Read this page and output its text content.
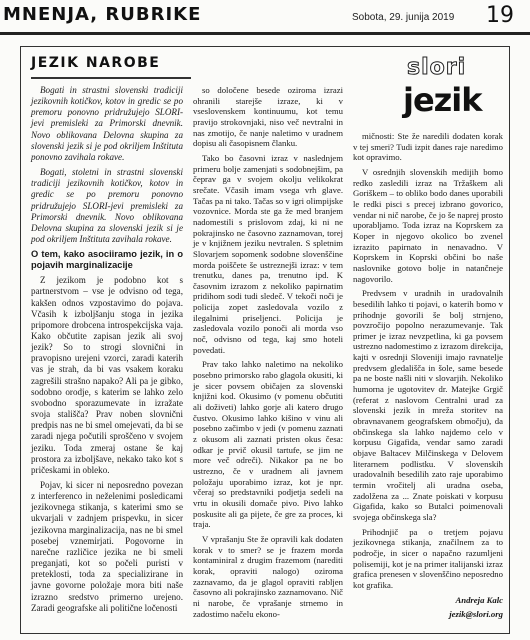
MNENJA, RUBRIKE	Sobota, 29. junija 2019 19
JEZIK NAROBE	slori
jezik

Bogati in strastni slovenski tradiciji jezikovnih kotičkov, kotov in gredic se po premoru ponovno pridružujejo SLORI-jevi premisleki za Primorski dnevnik. Novo oblikovana Delovna skupina za slovenski jezik si je pod okriljem Inštituta ponovno zavihala rokave.

Bogati, stoletni in strastni slovenski tradiciji jezikovnih kotičkov, kotov in gredic se po premoru ponovno pridružujejo SLORI-jevi premisleki za Primorski dnevnik. Novo oblikovana Delovna skupina za slovenski jezik si je pod okriljem Inštituta zavihala rokave.

O tem, kako asociiramo jezik, in o pojavih marginalizacije

Z jezikom je podobno kot s partnerstvom – vse je odvisno od tega, kakšen odnos vzpostavimo do pojava. Včasih k izboljšanju stoga in jezika pripomore drobcena introspekcijska vaja. Kako občutite zapisan jezik ali svoj jezik? So to strogi slovnični in pravopisno urejeni vzorci, zaradi katerih vas je strah, da bi vas vsakem koraku zagrešili strašno napako? Ali pa je gibko, sodobno orodje, s katerim se lahko zelo svobodno sporazumevate in izražate svoja stališča? Prav noben slovnični predpis nas ne bi smel omejevati, da bi se zaradi njega počutili sproščeno v svojem jeziku. Toda zmeraj ostane še kaj prostora za izboljšave, nekako tako kot s pričeskami in obleko.

Pojav, ki sicer ni neposredno povezan z interferenco in neželenimi posledicami jezikovnega stikanja, s katerimi smo se ukvarjali v zadnjem prispevku, in sicer jezikovna marginalizacija, nas ne bi smel posebej vznemirjati. Pogovorne in narečne različice jezika ne bi smeli preganjati, kot so počeli puristi v preteklosti, toda za specializirane in javne govorne položaje mora biti naše izrazno sredstvo primerno urejeno. Zaradi geografske ali politične ločenosti

so določene besede oziroma izrazi ohranili starejše izraze, ki v vseslovenskem kontinuumu, kot temu pravijo strokovnjaki, niso več nevtralni in nas zmotijo, če nanje naletimo v uradnem dopisu ali časopisnem članku.

Tako bo časovni izraz v naslednjem primeru bolje zamenjati s sodobnejšim, pa čeprav ga v svojem okolju velikokrat srečate. Včasih imam vsega vrh glave. Tačas pa ni tako. Tačas so v igri olimpijske vozovnice. Morda ste ga že med branjem nadomestili s prislovom zdaj, ki ni ne pokrajinsko ne časovno zaznamovan, torej je v knjižnem jeziku nevtralen. S spletnim Slovarjem sopomenk sodobne slovenščine morda poiščete še ustreznejši izraz: v tem trenutku, danes pa, trenutno ipd. K časovnim izrazom z nekoliko papirnatim pridihom sodi tudi sledeč. V tekoči noči je policija zopet zasledovala vozilo z ilegalnimi priseljenci. Policija je zasledovala vozilo ponoči ali morda vso noč, odvisno od tega, kaj smo hoteli povedati.

Prav tako lahko naletimo na nekoliko posebno primorsko rabo glagola okusiti, ki je sicer povsem običajen za slovenski knjižni kod. Okusimo (v pomenu občutiti ali doživeti) lahko gorje ali katero drugo čustvo. Okusimo lahko kišino v vinu ali posebno začimbo v jedi (v pomenu zaznati z okusom ali zaznati pristen okus česa: odkar je prvič okusil tartufe, se jim ne more več odreči). Nikakor pa ne bo ustrezno, če v uradnem ali javnem položaju uporabimo izraz, kot je npr. včeraj so predstavniki podjetja sedeli na vrtu in okusili domače pivo. Pivo lahko poskusite ali ga pijete, če gre za proces, ki traja.

V vprašanju Ste že opravili kak dodaten korak v to smer? se je frazem morda kontaminiral z drugim frazemom (narediti korak, opraviti nalogo) oziroma zaznavamo, da je glagol opraviti rabljen časovno ali pokrajinsko zaznamovano. Nič ni narobe, če vprašanje strnemo in zadostimo načelu ekono-

mičnosti: Ste že naredili dodaten korak v tej smeri? Tudi izpit danes raje naredimo kot opravimo.

V osrednjih slovenskih medijih bomo redko zasledili izraz na Tržaškem ali Goriškem – to obliko bodo danes uporabili le redki pisci s precej izbrano govorico, vendar ni nič narobe, če jo še naprej prosto uporabljamo. Toda izraz na Koprskem za Koper in njegovo okolico bo zvenel izrazito papirnato in nenavadno. V Koprskem in Koprski občini bo naše naslovnike gotovo bolje in natančneje nagovorilo.

Predvsem v uradnih in uradovalnih besedilih lahko ti pojavi, o katerih bomo v prihodnje govorili še bolj strnjeno, povzročijo popolno nerazumevanje. Tak primer je izraz nevzpetlina, ki ga povsem ustrezno nadomestimo z izrazom direkcija, kajti v osrednji Sloveniji imajo ravnatelje predvsem gledališča in šole, same besede pa ne boste našli niti v slovarjih. Nekoliko humorna je ugotovitev dr. Matejke Grgič (referat z naslovom Centralni urad za slovenski jezik in mreža storitev na obravnavanem geografskem območju), da občinskega sla lahko najdemo celo v korpusu Gigafida, vendar samo zaradi objave Baltacev Milčinskega v Delovem literarnem podlistku. V slovenskih uradovalnih besedilih zato raje uporabimo termin vročitelj ali uradna oseba, zadolžena za ... Znate poiskati v korpusu Gigafida, kako so Butalci poimenovali svojega občinskega sla?

Prihodnjič pa o tretjem pojavu jezikovnega stikanja, značilnem za to področje, in sicer o napačno razumljeni polisemiji, kot je na primer italijanski izraz grafica prenesen v slovenščino neposredno kot grafika.

Andreja Kalc

jezik@slori.org
